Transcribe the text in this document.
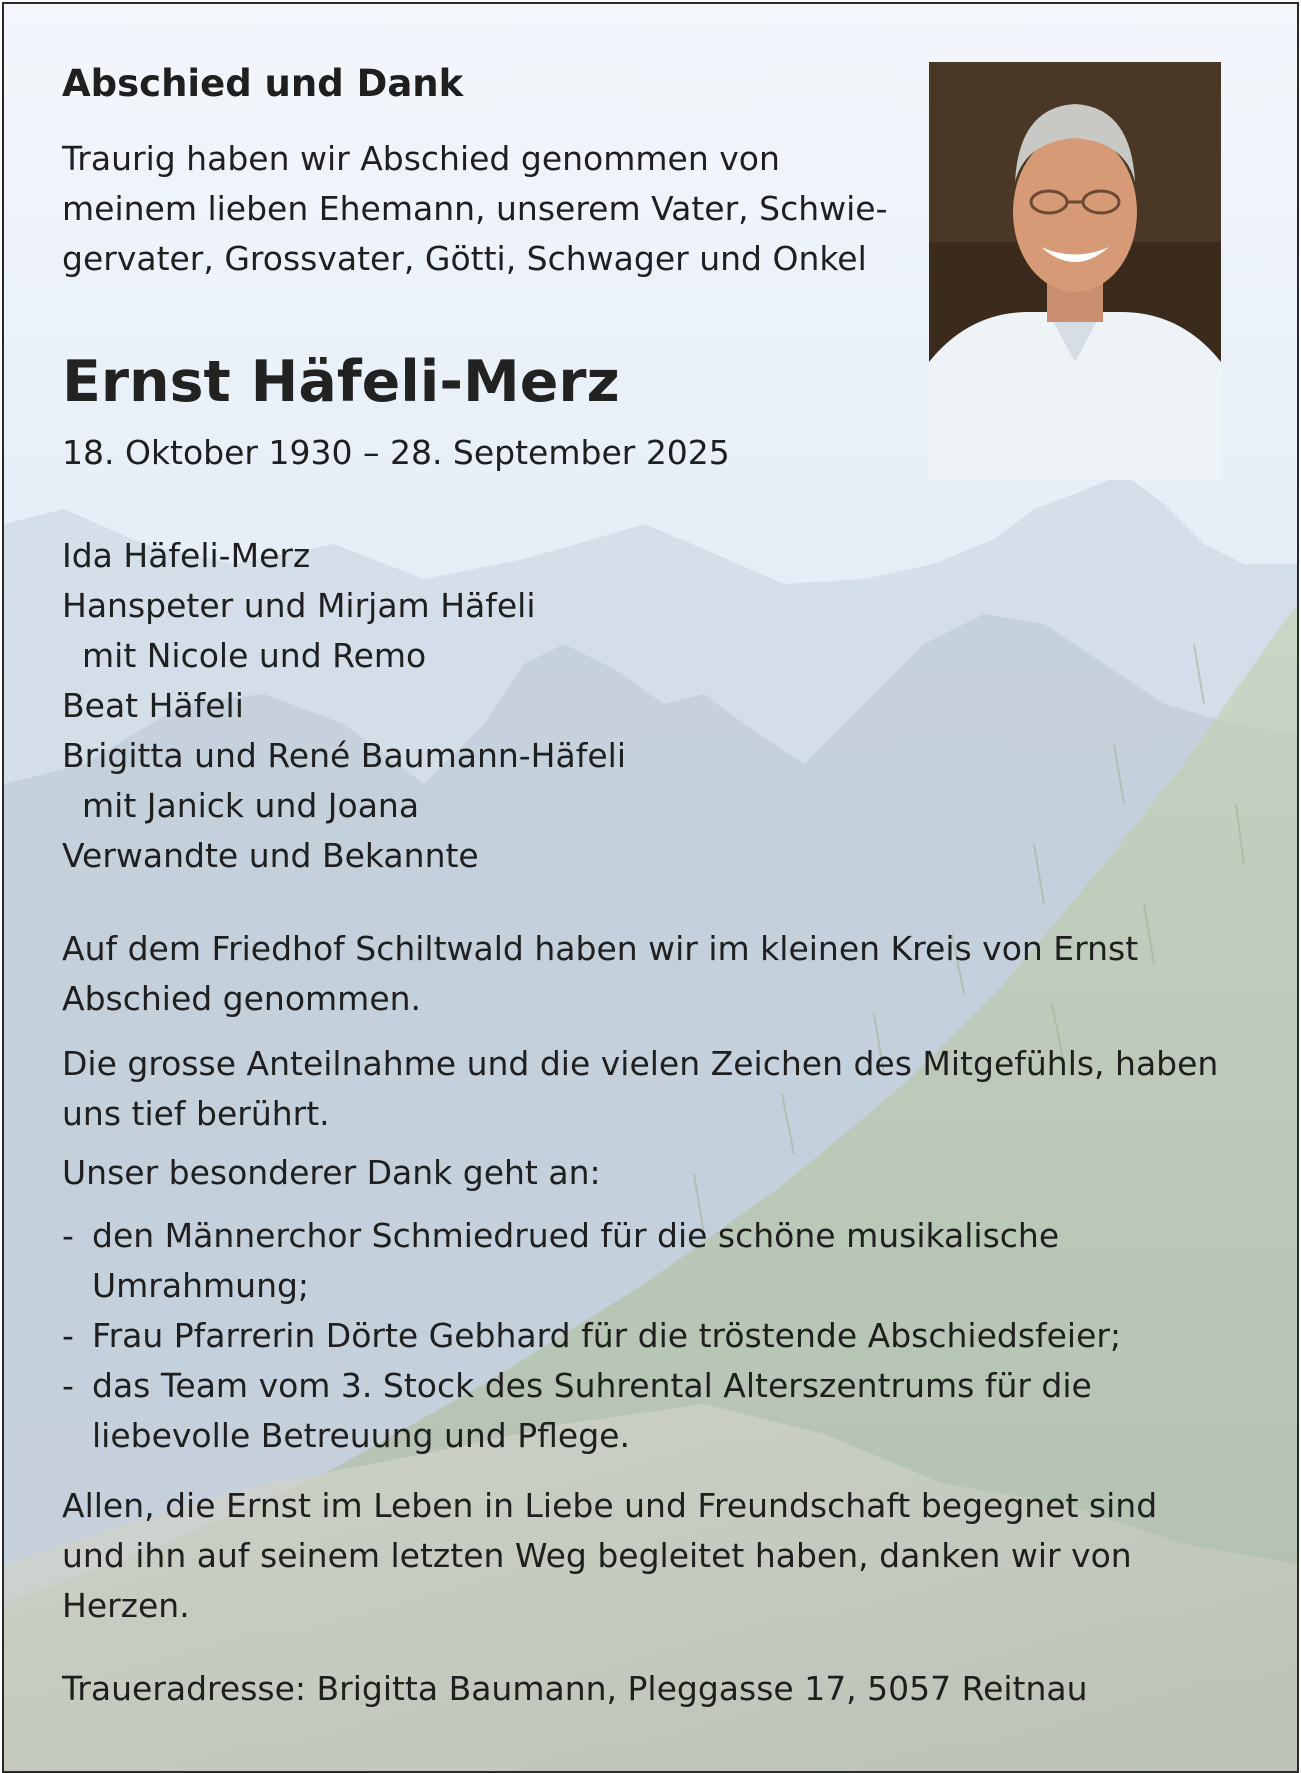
Abschied und Dank

Traurig haben wir Abschied genommen von
meinem lieben Ehemann, unserem Vater, Schwie-
gervater, Grossvater, Götti, Schwager und Onkel

Ernst Häfeli-Merz

18. Oktober 1930 – 28. September 2025

Ida Häfeli-Merz
Hanspeter und Mirjam Häfeli
mit Nicole und Remo
Beat Häfeli
Brigitta und René Baumann-Häfeli
mit Janick und Joana
Verwandte und Bekannte

Auf dem Friedhof Schiltwald haben wir im kleinen Kreis von Ernst
Abschied genommen.

Die grosse Anteilnahme und die vielen Zeichen des Mitgefühls, haben
uns tief berührt.

Unser besonderer Dank geht an:

- den Männerchor Schmiedrued für die schöne musikalische
Umrahmung;
- Frau Pfarrerin Dörte Gebhard für die tröstende Abschiedsfeier;
- das Team vom 3. Stock des Suhrental Alterszentrums für die
liebevolle Betreuung und Pflege.

Allen, die Ernst im Leben in Liebe und Freundschaft begegnet sind
und ihn auf seinem letzten Weg begleitet haben, danken wir von
Herzen.

Traueradresse: Brigitta Baumann, Pleggasse 17, 5057 Reitnau
